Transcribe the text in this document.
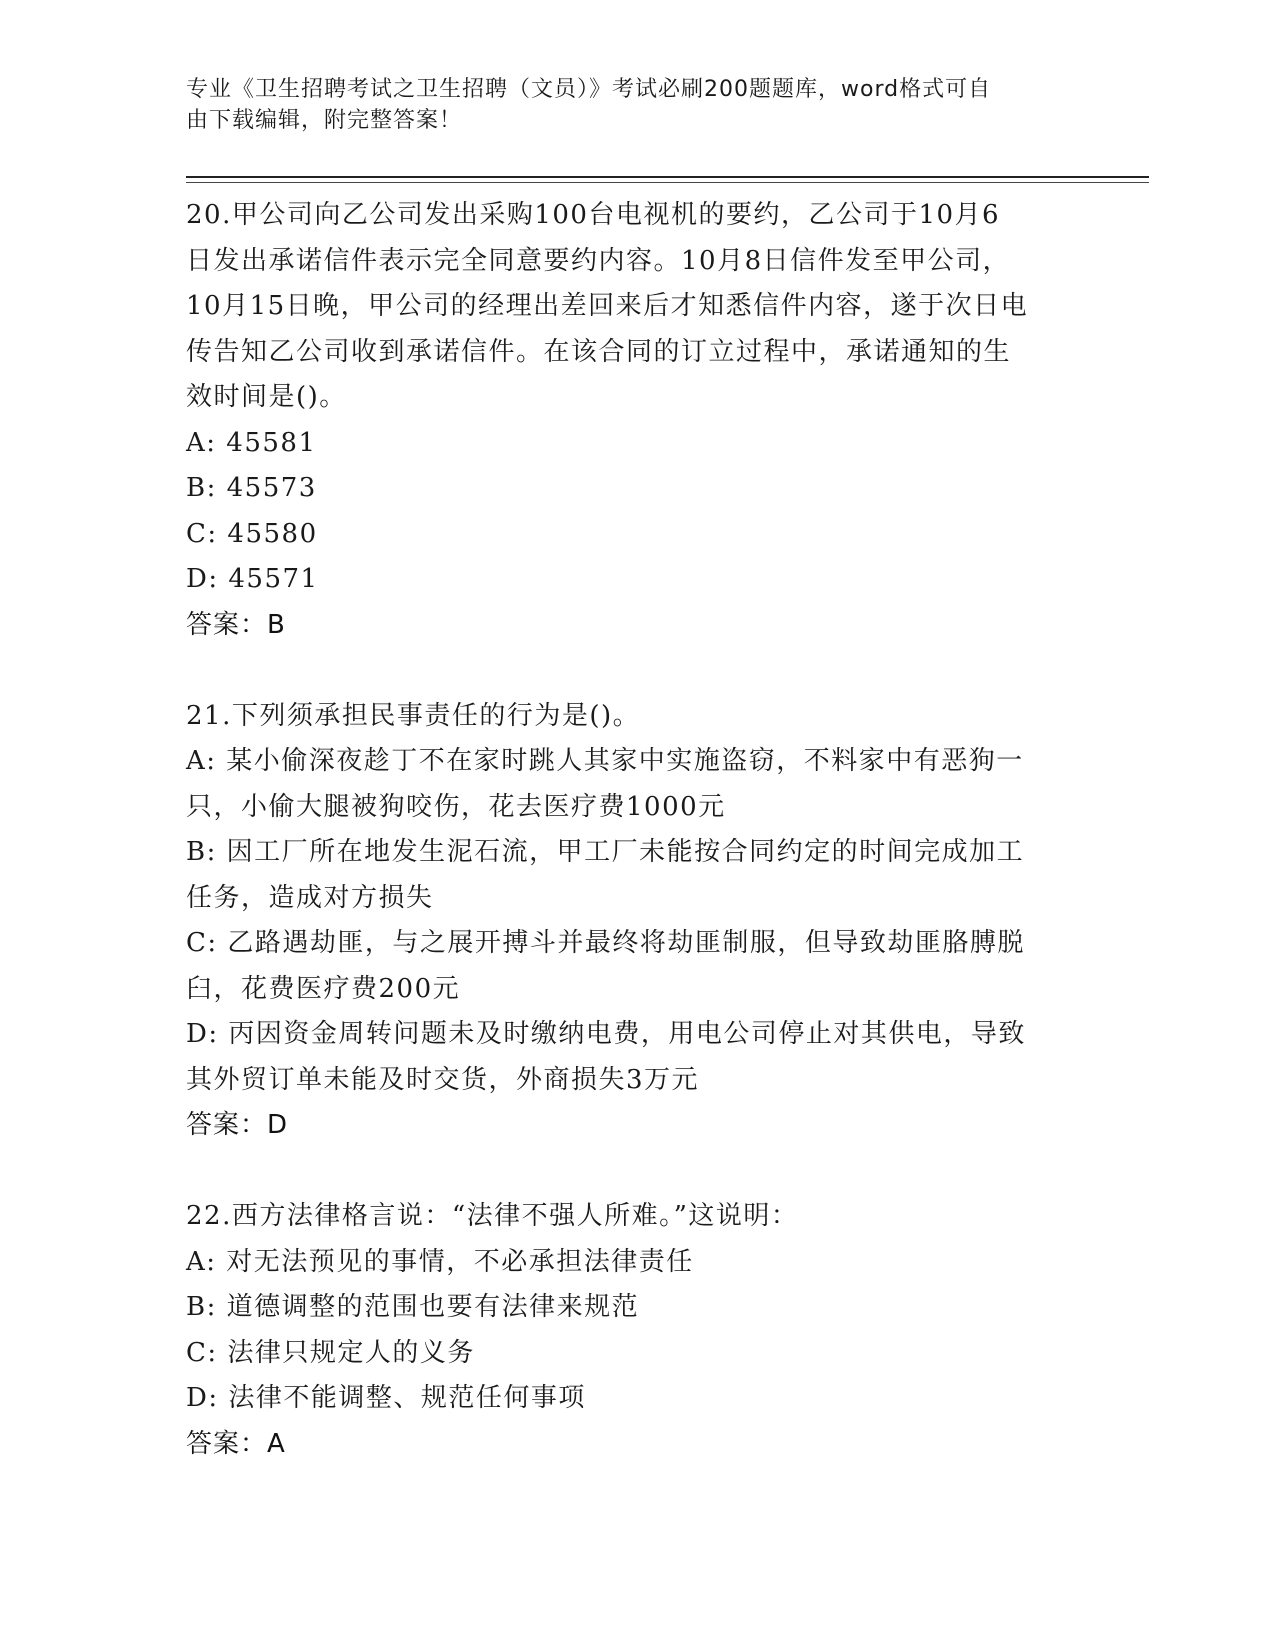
专业《卫生招聘考试之卫生招聘（文员）》考试必刷200题题库，word格式可自
由下载编辑，附完整答案！
20.甲公司向乙公司发出采购100台电视机的要约，乙公司于10月6
日发出承诺信件表示完全同意要约内容。10月8日信件发至甲公司，
10月15日晚，甲公司的经理出差回来后才知悉信件内容，遂于次日电
传告知乙公司收到承诺信件。在该合同的订立过程中，承诺通知的生
效时间是()。
A: 45581
B: 45573
C: 45580
D: 45571
答案：B
21.下列须承担民事责任的行为是()。
A: 某小偷深夜趁丁不在家时跳人其家中实施盗窃，不料家中有恶狗一
只，小偷大腿被狗咬伤，花去医疗费1000元
B: 因工厂所在地发生泥石流，甲工厂未能按合同约定的时间完成加工
任务，造成对方损失
C: 乙路遇劫匪，与之展开搏斗并最终将劫匪制服，但导致劫匪胳膊脱
臼，花费医疗费200元
D: 丙因资金周转问题未及时缴纳电费，用电公司停止对其供电，导致
其外贸订单未能及时交货，外商损失3万元
答案：D
22.西方法律格言说：“法律不强人所难。”这说明：
A: 对无法预见的事情，不必承担法律责任
B: 道德调整的范围也要有法律来规范
C: 法律只规定人的义务
D: 法律不能调整、规范任何事项
答案：A
